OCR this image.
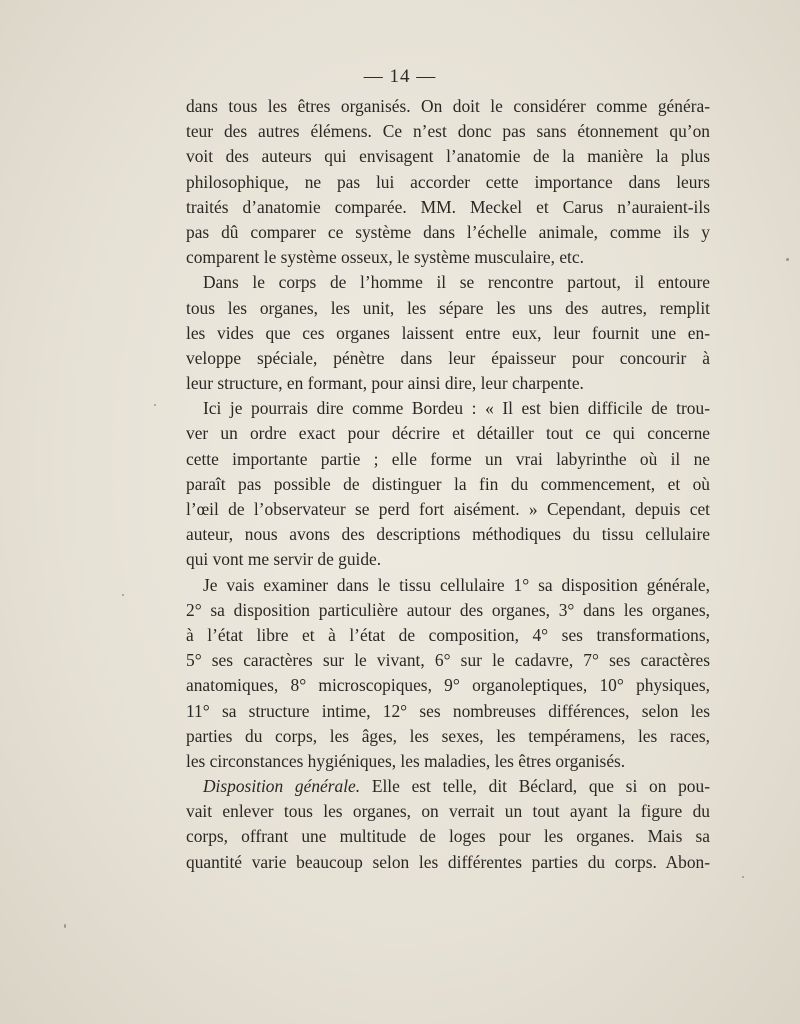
— 14 —
dans tous les êtres organisés. On doit le considérer comme généra-
teur des autres élémens. Ce n’est donc pas sans étonnement qu’on
voit des auteurs qui envisagent l’anatomie de la manière la plus
philosophique, ne pas lui accorder cette importance dans leurs
traités d’anatomie comparée. MM. Meckel et Carus n’auraient-ils
pas dû comparer ce système dans l’échelle animale, comme ils y
comparent le système osseux, le système musculaire, etc.
Dans le corps de l’homme il se rencontre partout, il entoure
tous les organes, les unit, les sépare les uns des autres, remplit
les vides que ces organes laissent entre eux, leur fournit une en-
veloppe spéciale, pénètre dans leur épaisseur pour concourir à
leur structure, en formant, pour ainsi dire, leur charpente.
Ici je pourrais dire comme Bordeu : « Il est bien difficile de trou-
ver un ordre exact pour décrire et détailler tout ce qui concerne
cette importante partie ; elle forme un vrai labyrinthe où il ne
paraît pas possible de distinguer la fin du commencement, et où
l’œil de l’observateur se perd fort aisément. » Cependant, depuis cet
auteur, nous avons des descriptions méthodiques du tissu cellulaire
qui vont me servir de guide.
Je vais examiner dans le tissu cellulaire 1° sa disposition générale,
2° sa disposition particulière autour des organes, 3° dans les organes,
à l’état libre et à l’état de composition, 4° ses transformations,
5° ses caractères sur le vivant, 6° sur le cadavre, 7° ses caractères
anatomiques, 8° microscopiques, 9° organoleptiques, 10° physiques,
11° sa structure intime, 12° ses nombreuses différences, selon les
parties du corps, les âges, les sexes, les tempéramens, les races,
les circonstances hygiéniques, les maladies, les êtres organisés.
Disposition générale. Elle est telle, dit Béclard, que si on pou-
vait enlever tous les organes, on verrait un tout ayant la figure du
corps, offrant une multitude de loges pour les organes. Mais sa
quantité varie beaucoup selon les différentes parties du corps. Abon-
